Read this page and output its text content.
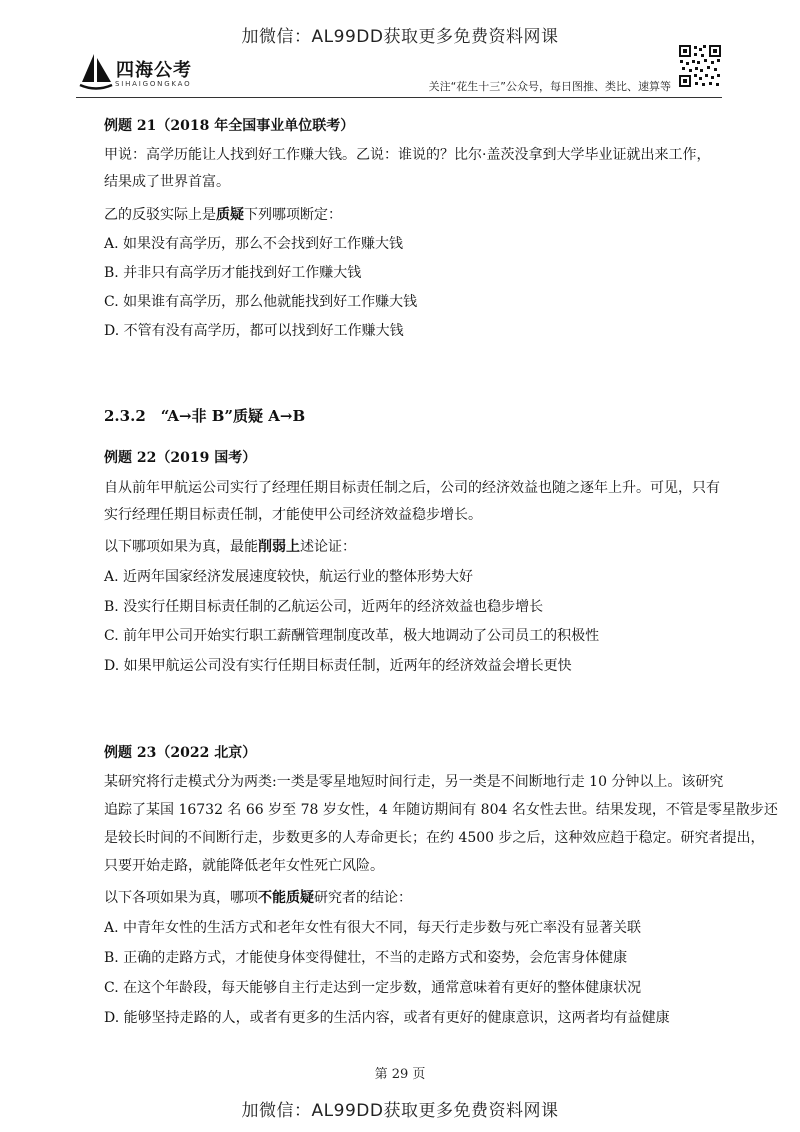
加微信：AL99DD获取更多免费资料网课
四海公考
SIHAIGONGKAO	关注“花生十三”公众号，每日图推、类比、速算等
例题 21（2018 年全国事业单位联考）
甲说：高学历能让人找到好工作赚大钱。乙说：谁说的？比尔·盖茨没拿到大学毕业证就出来工作，
结果成了世界首富。
乙的反驳实际上是质疑下列哪项断定：
A. 如果没有高学历，那么不会找到好工作赚大钱
B. 并非只有高学历才能找到好工作赚大钱
C. 如果谁有高学历，那么他就能找到好工作赚大钱
D. 不管有没有高学历，都可以找到好工作赚大钱
2.3.2　“A→非 B”质疑 A→B
例题 22（2019 国考）
自从前年甲航运公司实行了经理任期目标责任制之后，公司的经济效益也随之逐年上升。可见，只有
实行经理任期目标责任制，才能使甲公司经济效益稳步增长。
以下哪项如果为真，最能削弱上述论证：
A. 近两年国家经济发展速度较快，航运行业的整体形势大好
B. 没实行任期目标责任制的乙航运公司，近两年的经济效益也稳步增长
C. 前年甲公司开始实行职工薪酬管理制度改革，极大地调动了公司员工的积极性
D. 如果甲航运公司没有实行任期目标责任制，近两年的经济效益会增长更快
例题 23（2022 北京）
某研究将行走模式分为两类:一类是零星地短时间行走，另一类是不间断地行走 10 分钟以上。该研究
追踪了某国 16732 名 66 岁至 78 岁女性，4 年随访期间有 804 名女性去世。结果发现，不管是零星散步还
是较长时间的不间断行走，步数更多的人寿命更长；在约 4500 步之后，这种效应趋于稳定。研究者提出，
只要开始走路，就能降低老年女性死亡风险。
以下各项如果为真，哪项不能质疑研究者的结论：
A. 中青年女性的生活方式和老年女性有很大不同，每天行走步数与死亡率没有显著关联
B. 正确的走路方式，才能使身体变得健壮，不当的走路方式和姿势，会危害身体健康
C. 在这个年龄段，每天能够自主行走达到一定步数，通常意味着有更好的整体健康状况
D. 能够坚持走路的人，或者有更多的生活内容，或者有更好的健康意识，这两者均有益健康
第 29 页
加微信：AL99DD获取更多免费资料网课
